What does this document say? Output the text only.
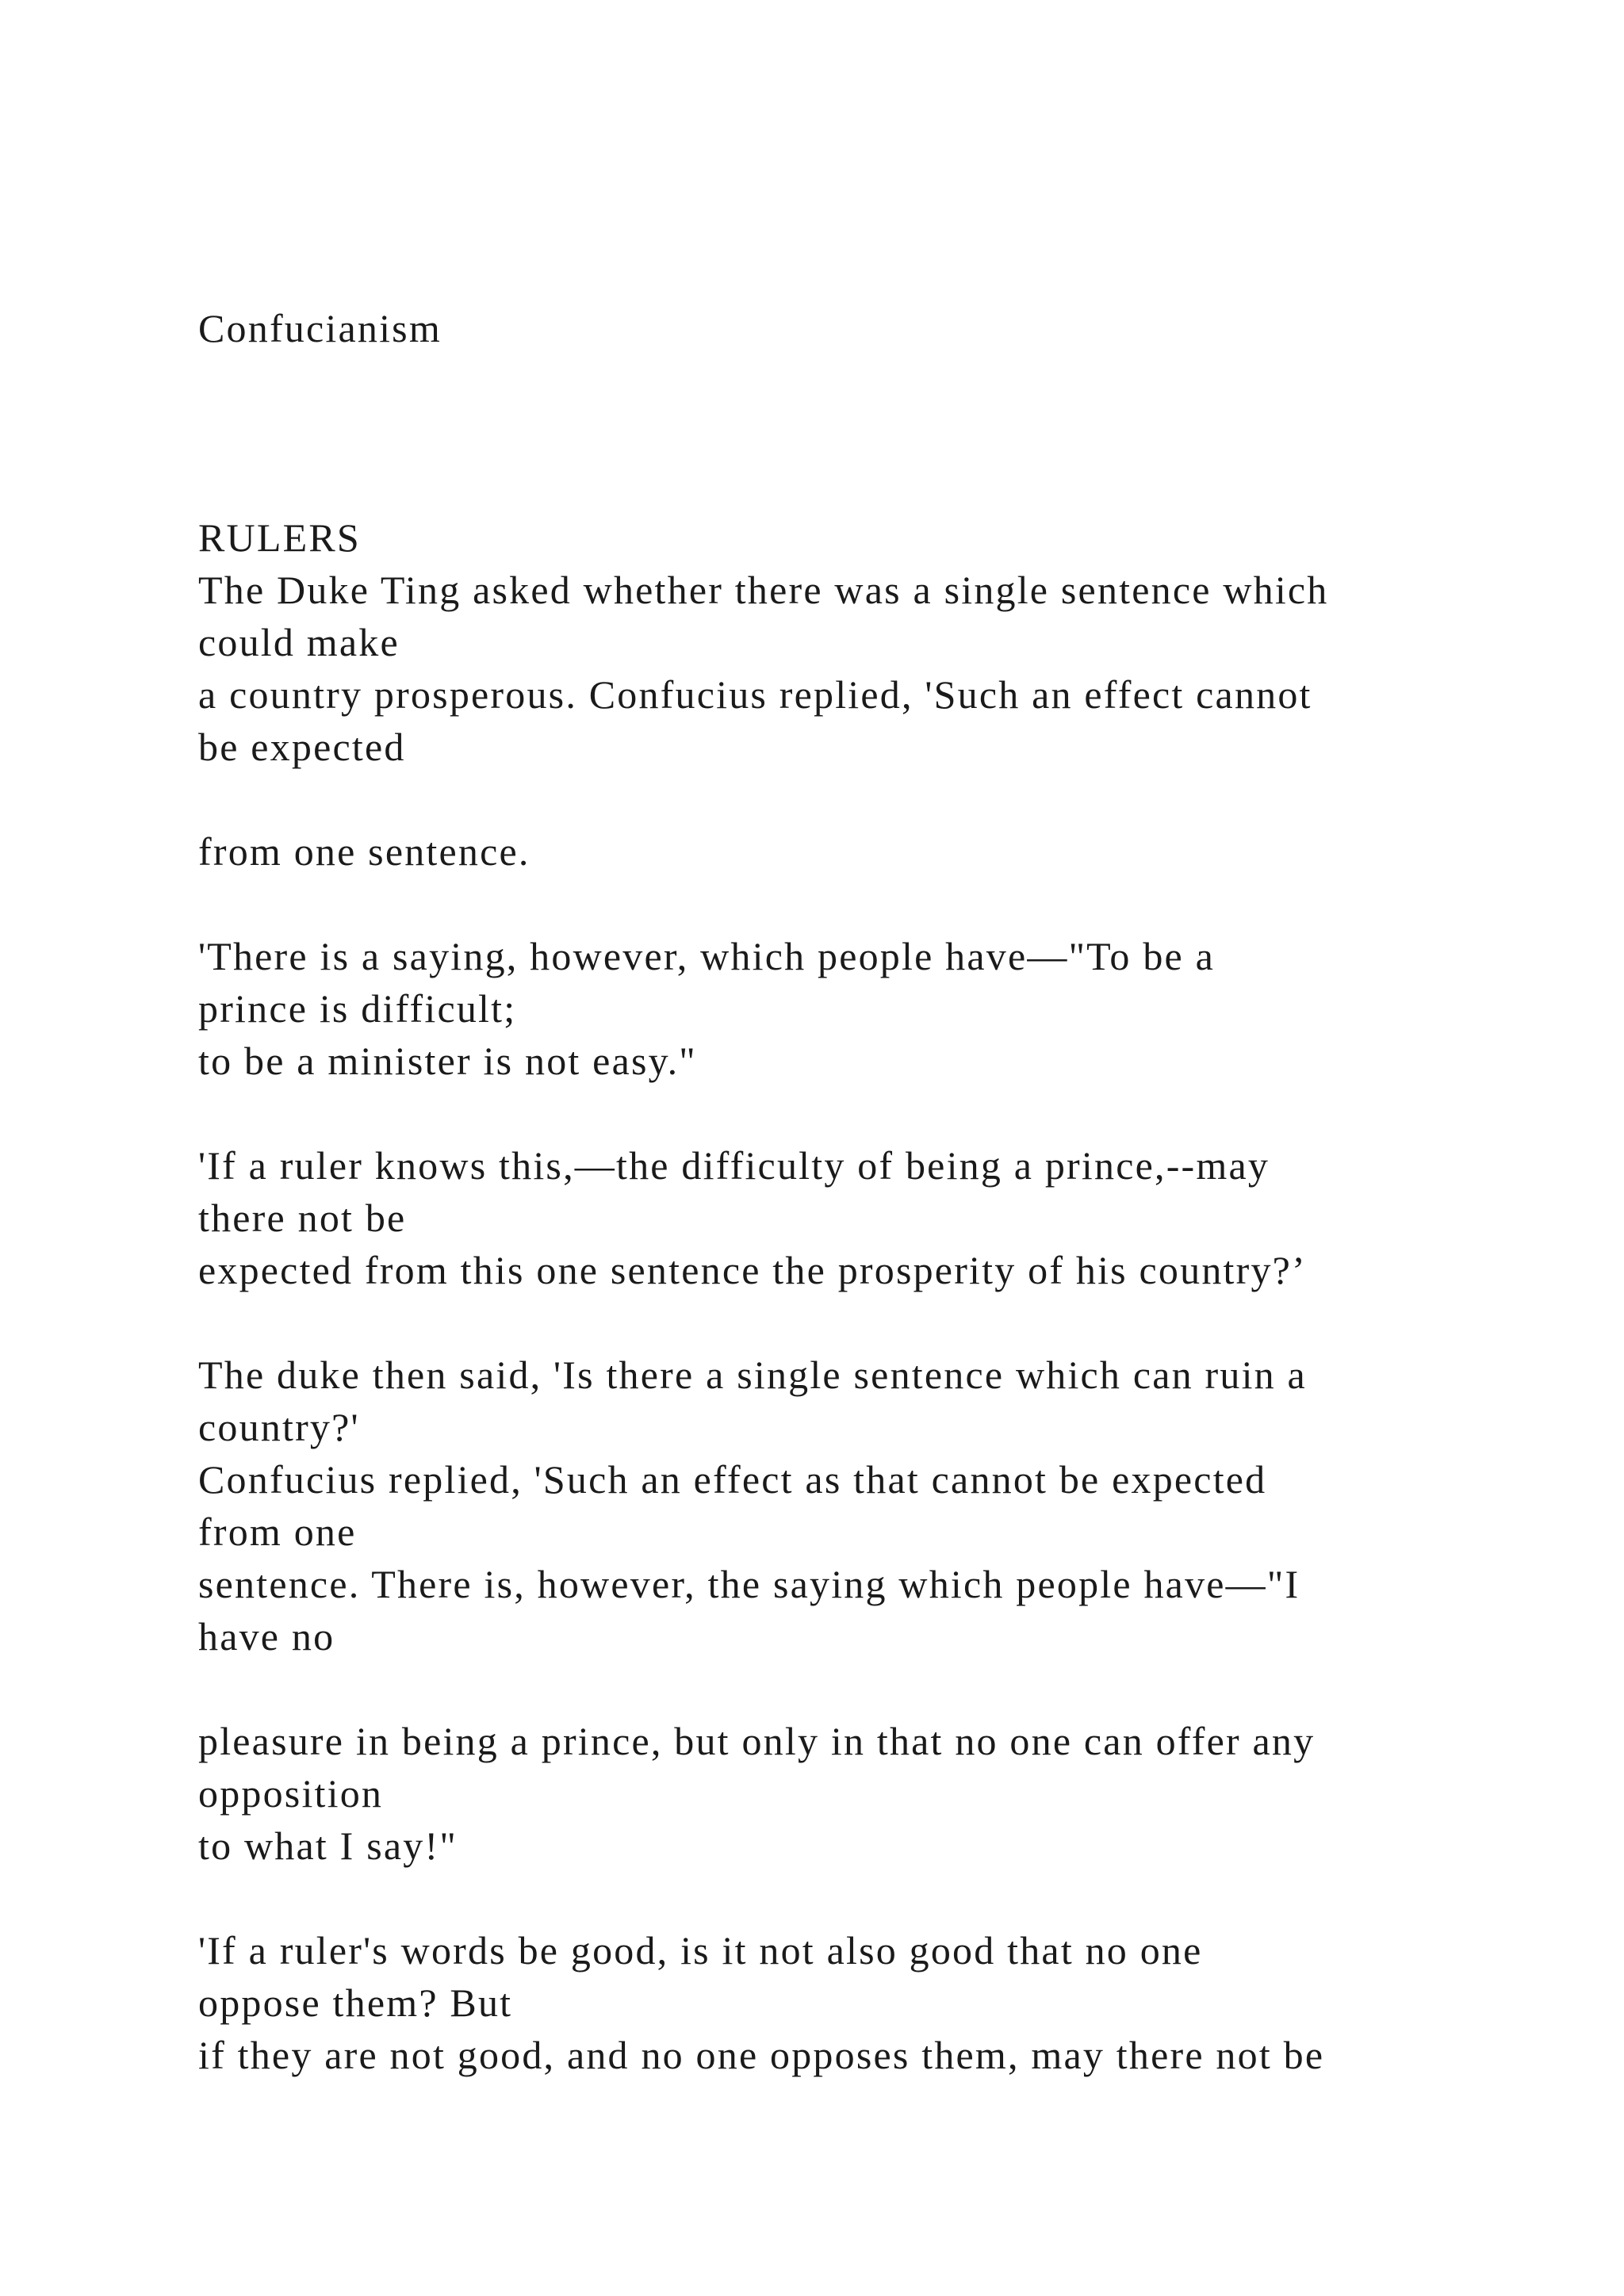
Confucianism
RULERS
The Duke Ting asked whether there was a single sentence which
could make
a country prosperous. Confucius replied, 'Such an effect cannot
be expected
from one sentence.
'There is a saying, however, which people have—"To be a
prince is difficult;
to be a minister is not easy."
'If a ruler knows this,—the difficulty of being a prince,--may
there not be
expected from this one sentence the prosperity of his country?’
The duke then said, 'Is there a single sentence which can ruin a
country?'
Confucius replied, 'Such an effect as that cannot be expected
from one
sentence. There is, however, the saying which people have—"I
have no
pleasure in being a prince, but only in that no one can offer any
opposition
to what I say!"
'If a ruler's words be good, is it not also good that no one
oppose them? But
if they are not good, and no one opposes them, may there not be
